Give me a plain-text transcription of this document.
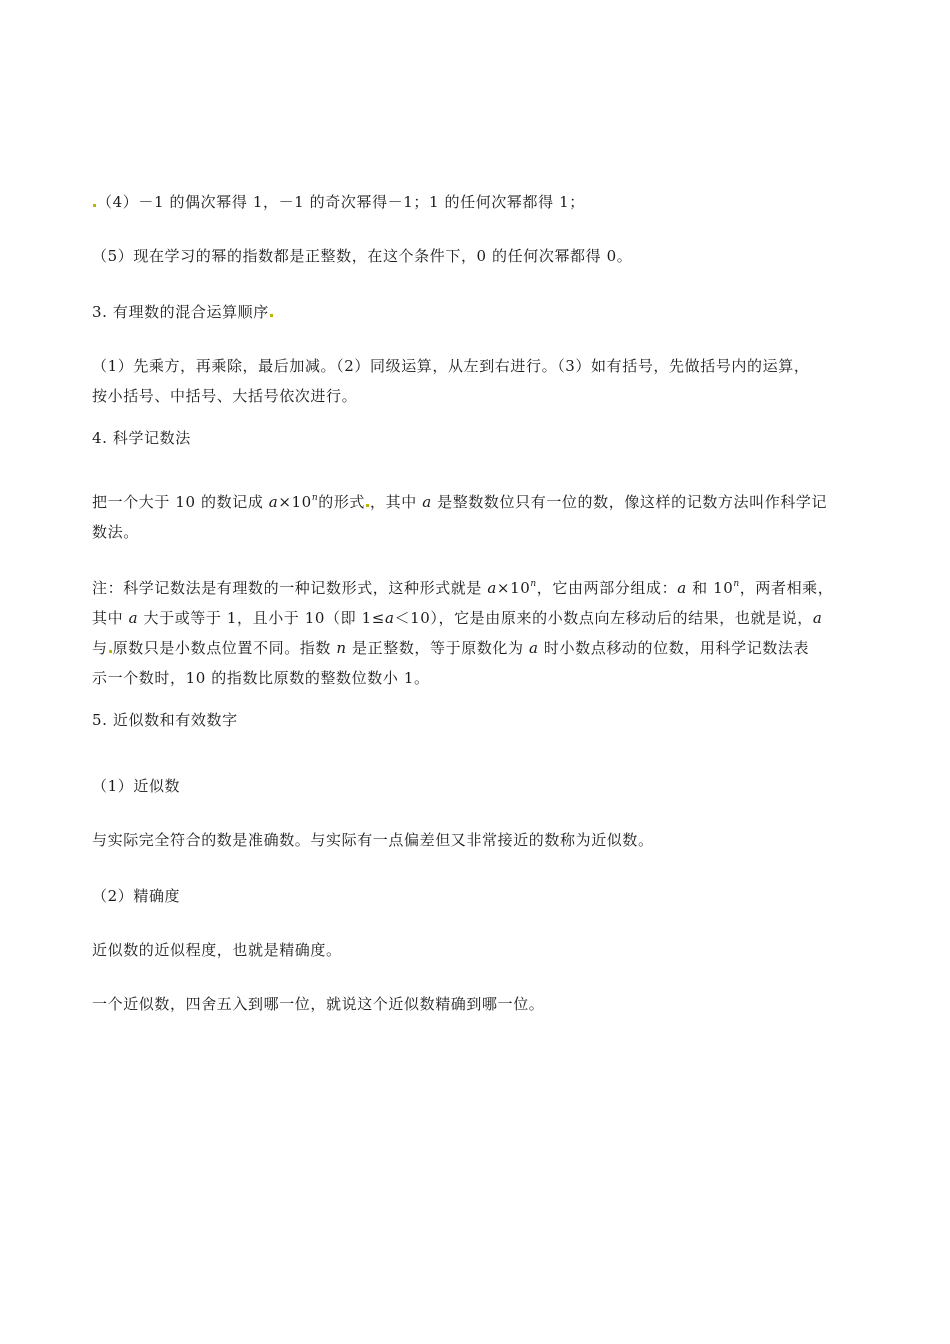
（4）－1 的偶次幂得 1，－1 的奇次幂得－1；1 的任何次幂都得 1；
（5）现在学习的幂的指数都是正整数，在这个条件下，0 的任何次幂都得 0。
3. 有理数的混合运算顺序
（1）先乘方，再乘除，最后加减。（2）同级运算，从左到右进行。（3）如有括号，先做括号内的运算，
按小括号、中括号、大括号依次进行。
4. 科学记数法
把一个大于 10 的数记成 $a\times 10^n$的形式 ，其中 a 是整数数位只有一位的数，像这样的记数方法叫作科学记
数法。
注：科学记数法是有理数的一种记数形式，这种形式就是 $a\times 10^n$，它由两部分组成：a 和 10$^n$，两者相乘，
其中 a 大于或等于 1，且小于 10（即 1≤a＜10），它是由原来的小数点向左移动后的结果，也就是说，a
与 原数只是小数点位置不同。指数 n 是正整数，等于原数化为 a 时小数点移动的位数，用科学记数法表
示一个数时，10 的指数比原数的整数位数小 1。
5. 近似数和有效数字
（1）近似数
与实际完全符合的数是准确数。与实际有一点偏差但又非常接近的数称为近似数。
（2）精确度
近似数的近似程度，也就是精确度。
一个近似数，四舍五入到哪一位，就说这个近似数精确到哪一位。
